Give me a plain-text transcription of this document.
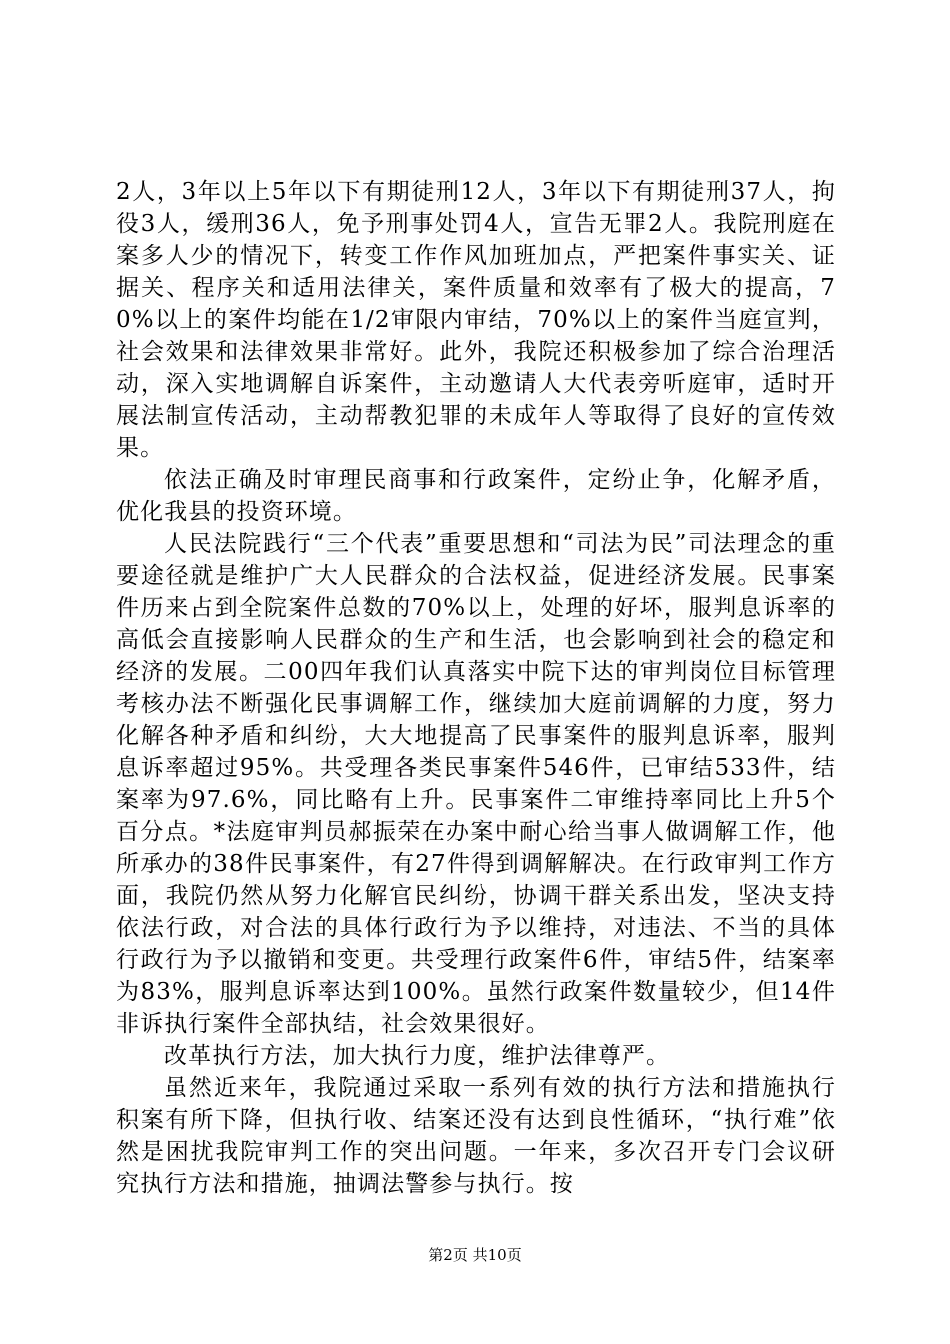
2人，3年以上5年以下有期徒刑12人，3年以下有期徒刑37人，拘役3人，缓刑36人，免予刑事处罚4人，宣告无罪2人。我院刑庭在案多人少的情况下，转变工作作风加班加点，严把案件事实关、证据关、程序关和适用法律关，案件质量和效率有了极大的提高，70%以上的案件均能在1/2审限内审结，70%以上的案件当庭宣判，社会效果和法律效果非常好。此外，我院还积极参加了综合治理活动，深入实地调解自诉案件，主动邀请人大代表旁听庭审，适时开展法制宣传活动，主动帮教犯罪的未成年人等取得了良好的宣传效果。

依法正确及时审理民商事和行政案件，定纷止争，化解矛盾，优化我县的投资环境。

人民法院践行“三个代表”重要思想和“司法为民”司法理念的重要途径就是维护广大人民群众的合法权益，促进经济发展。民事案件历来占到全院案件总数的70%以上，处理的好坏，服判息诉率的高低会直接影响人民群众的生产和生活，也会影响到社会的稳定和经济的发展。二00四年我们认真落实中院下达的审判岗位目标管理考核办法不断强化民事调解工作，继续加大庭前调解的力度，努力化解各种矛盾和纠纷，大大地提高了民事案件的服判息诉率，服判息诉率超过95%。共受理各类民事案件546件，已审结533件，结案率为97.6%，同比略有上升。民事案件二审维持率同比上升5个百分点。*法庭审判员郝振荣在办案中耐心给当事人做调解工作，他所承办的38件民事案件，有27件得到调解解决。在行政审判工作方面，我院仍然从努力化解官民纠纷，协调干群关系出发，坚决支持依法行政，对合法的具体行政行为予以维持，对违法、不当的具体行政行为予以撤销和变更。共受理行政案件6件，审结5件，结案率为83%，服判息诉率达到100%。虽然行政案件数量较少，但14件非诉执行案件全部执结，社会效果很好。

改革执行方法，加大执行力度，维护法律尊严。

虽然近来年，我院通过采取一系列有效的执行方法和措施执行积案有所下降，但执行收、结案还没有达到良性循环，“执行难”依然是困扰我院审判工作的突出问题。一年来，多次召开专门会议研究执行方法和措施，抽调法警参与执行。按

第2页 共10页
